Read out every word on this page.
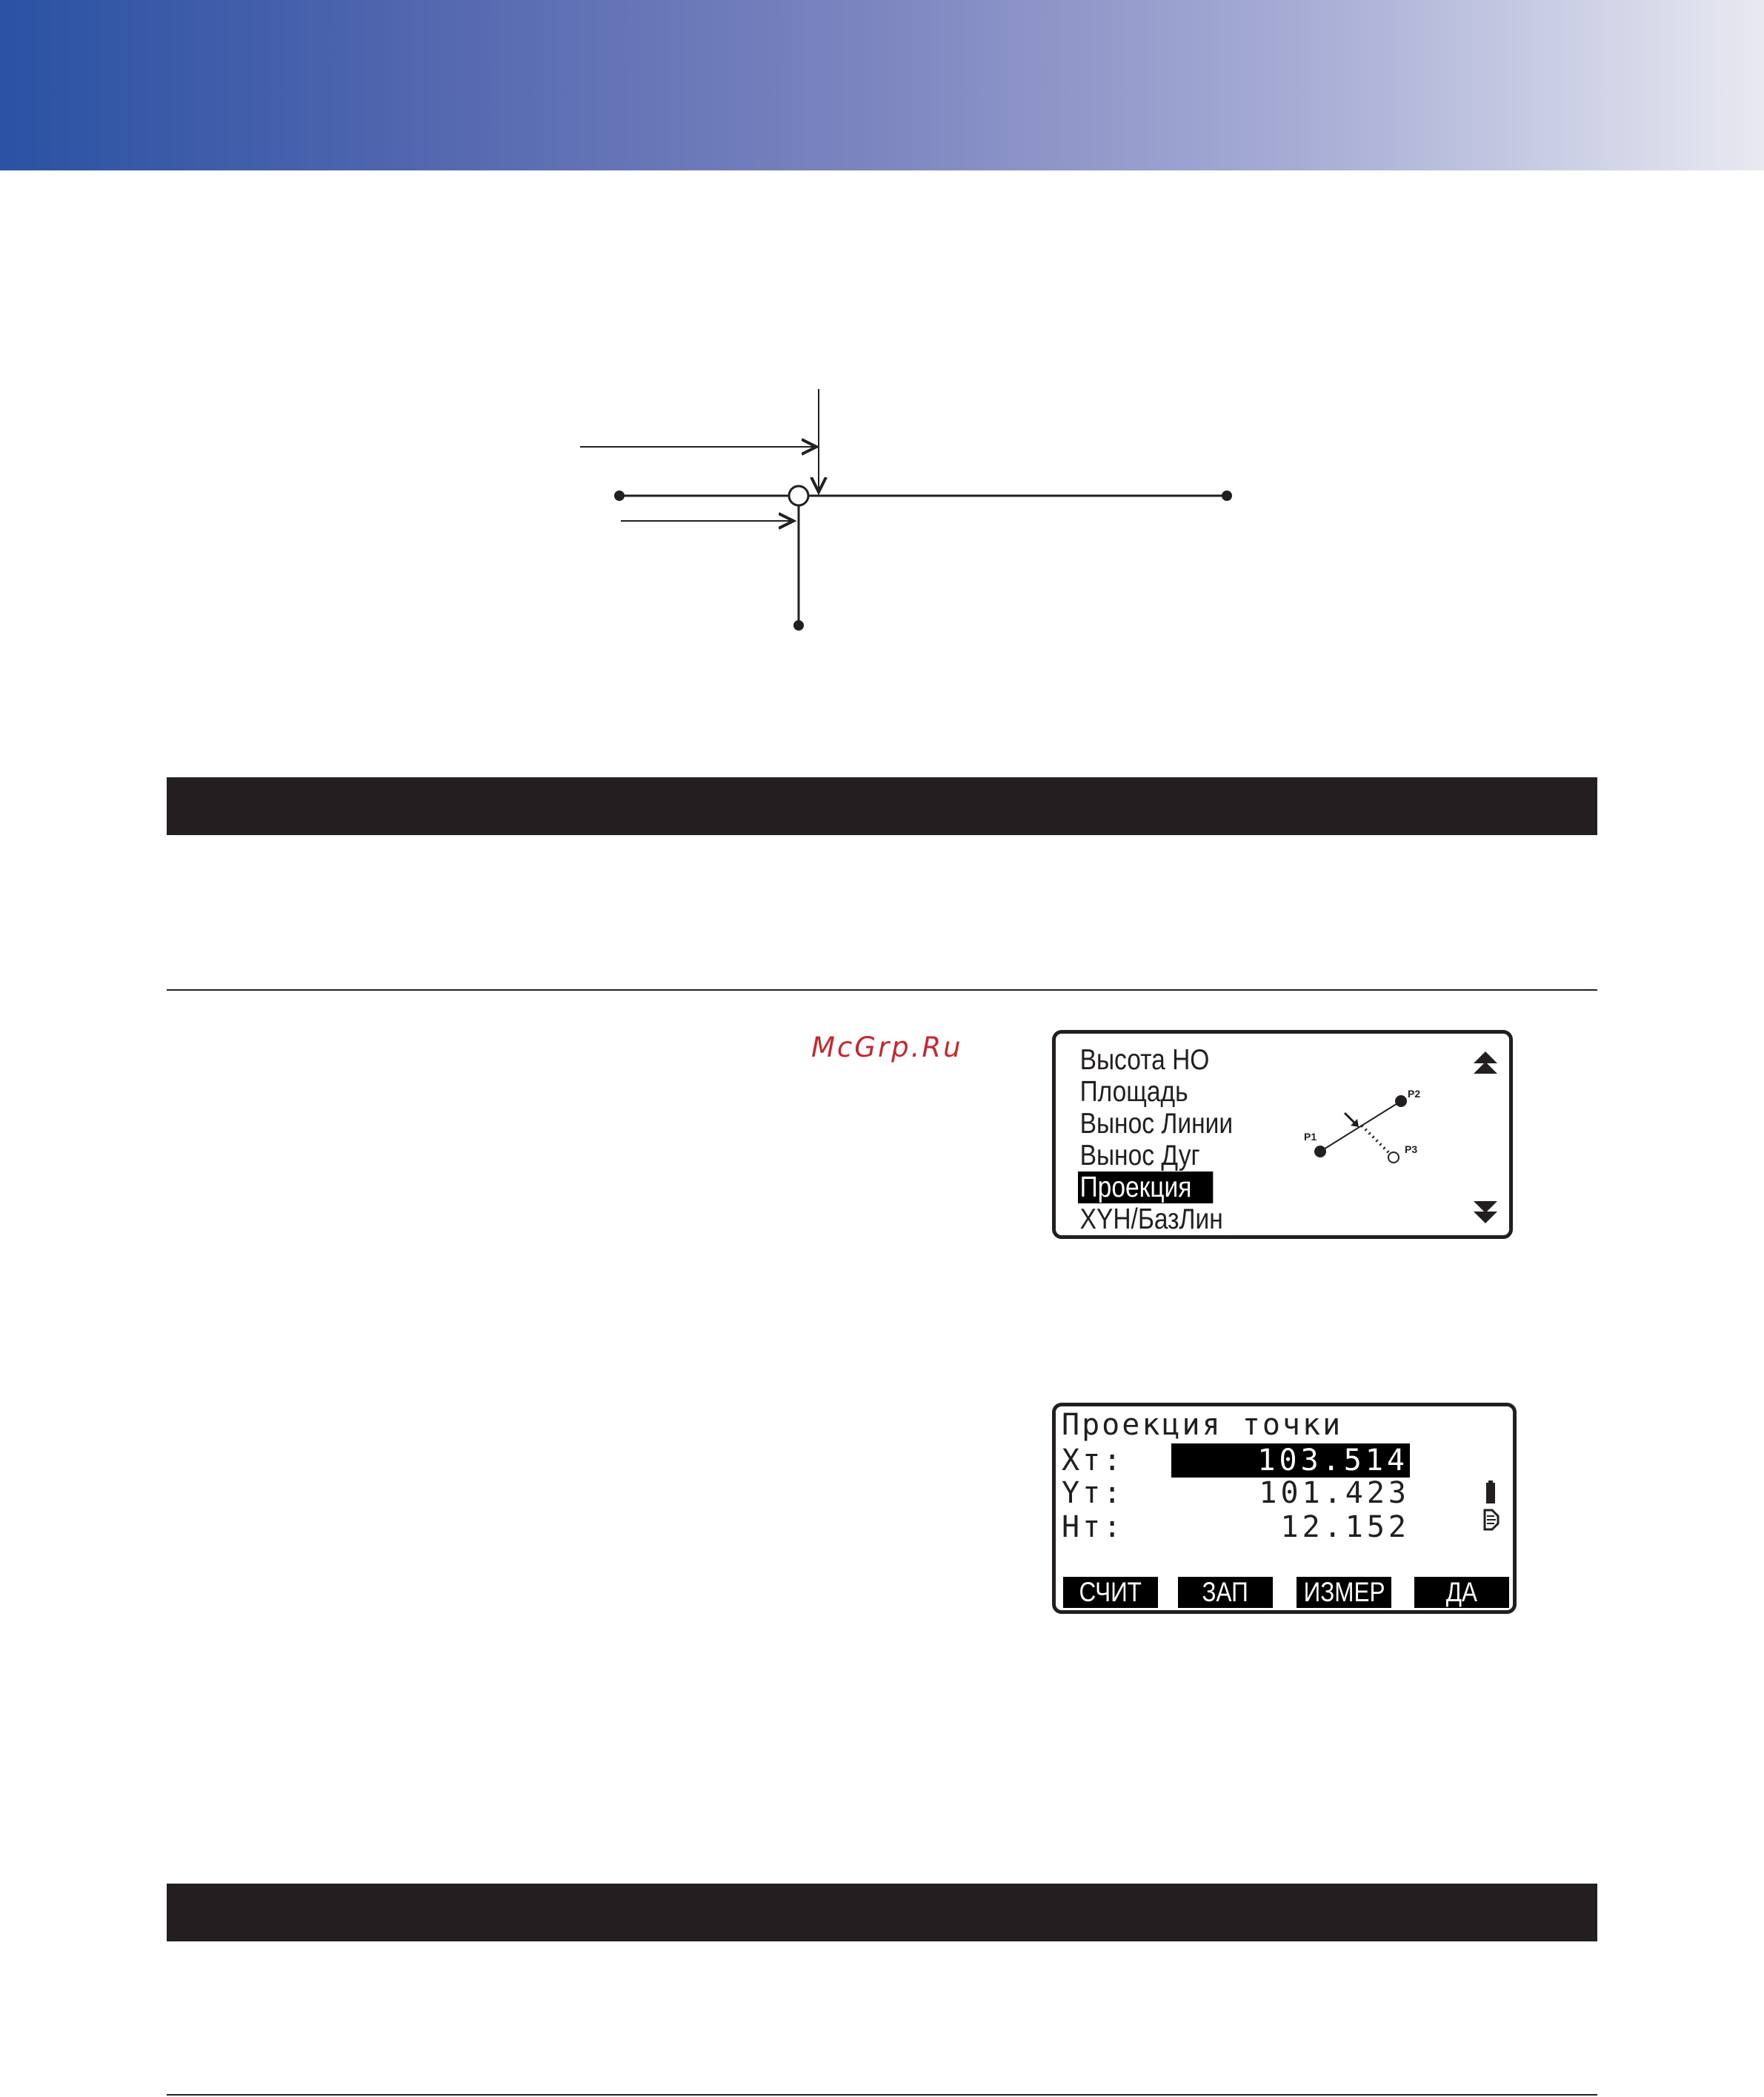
McGrp.Ru	Высота НО
Площадь
Вынос Линии
Вынос Дуг
Проекция
XYH/БазЛин
P1
P2
P3
Проекция точки
Xт:	103.514
Yт:	101.423
Hт:	12.152
СЧИТ	ЗАП	ИЗМЕР	ДА
